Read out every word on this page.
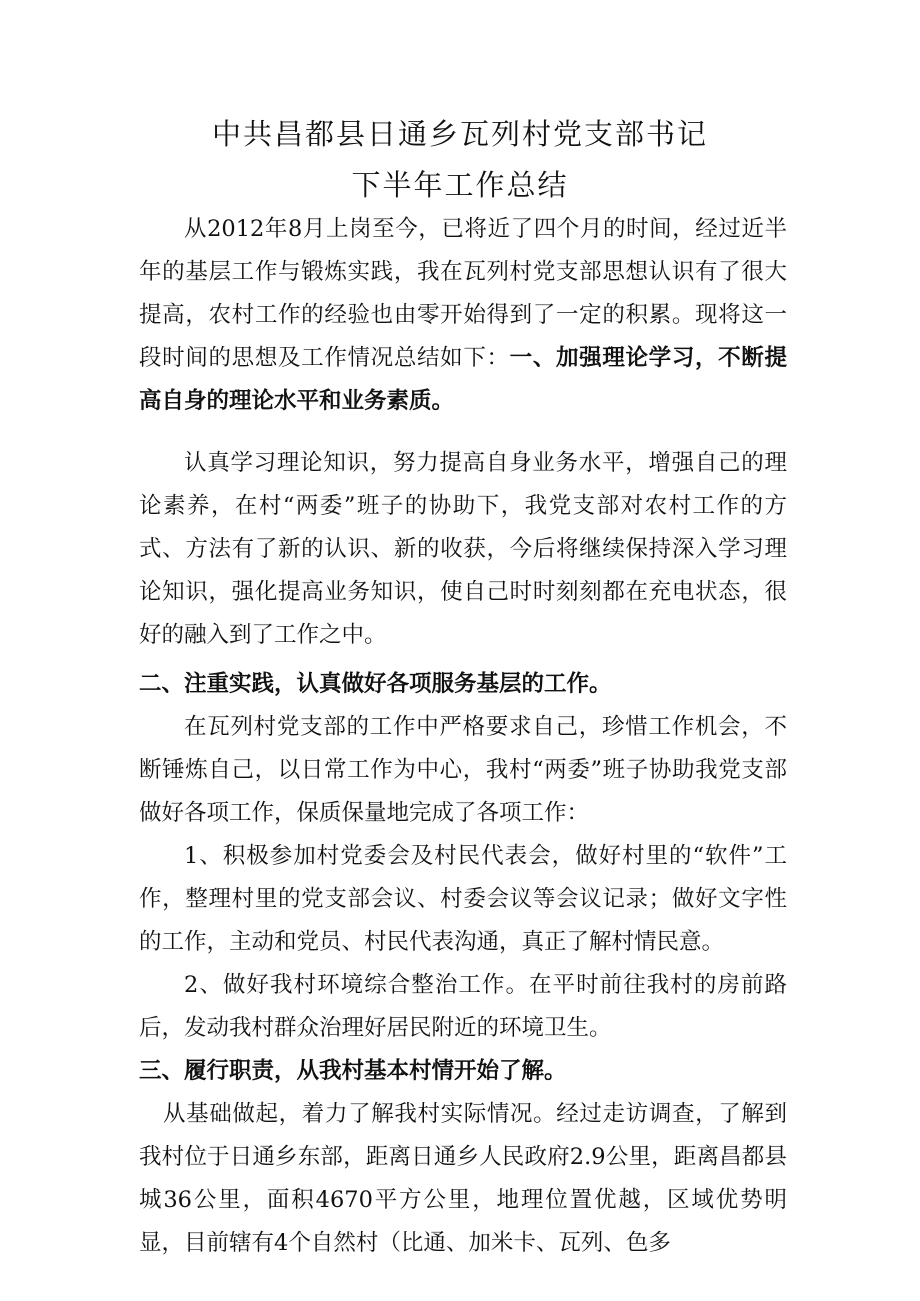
中共昌都县日通乡瓦列村党支部书记
下半年工作总结

从2012年8月上岗至今，已将近了四个月的时间，经过近半年的基层工作与锻炼实践，我在瓦列村党支部思想认识有了很大提高，农村工作的经验也由零开始得到了一定的积累。现将这一段时间的思想及工作情况总结如下：一、加强理论学习，不断提高自身的理论水平和业务素质。

认真学习理论知识，努力提高自身业务水平，增强自己的理论素养，在村“两委”班子的协助下，我党支部对农村工作的方式、方法有了新的认识、新的收获，今后将继续保持深入学习理论知识，强化提高业务知识，使自己时时刻刻都在充电状态，很好的融入到了工作之中。

二、注重实践，认真做好各项服务基层的工作。

在瓦列村党支部的工作中严格要求自己，珍惜工作机会，不断锤炼自己，以日常工作为中心，我村“两委”班子协助我党支部做好各项工作，保质保量地完成了各项工作：

1、积极参加村党委会及村民代表会，做好村里的“软件”工作，整理村里的党支部会议、村委会议等会议记录；做好文字性的工作，主动和党员、村民代表沟通，真正了解村情民意。

2、做好我村环境综合整治工作。在平时前往我村的房前路后，发动我村群众治理好居民附近的环境卫生。

三、履行职责，从我村基本村情开始了解。

从基础做起，着力了解我村实际情况。经过走访调查，了解到我村位于日通乡东部，距离日通乡人民政府2.9公里，距离昌都县城36公里，面积4670平方公里，地理位置优越，区域优势明显，目前辖有4个自然村（比通、加米卡、瓦列、色多
